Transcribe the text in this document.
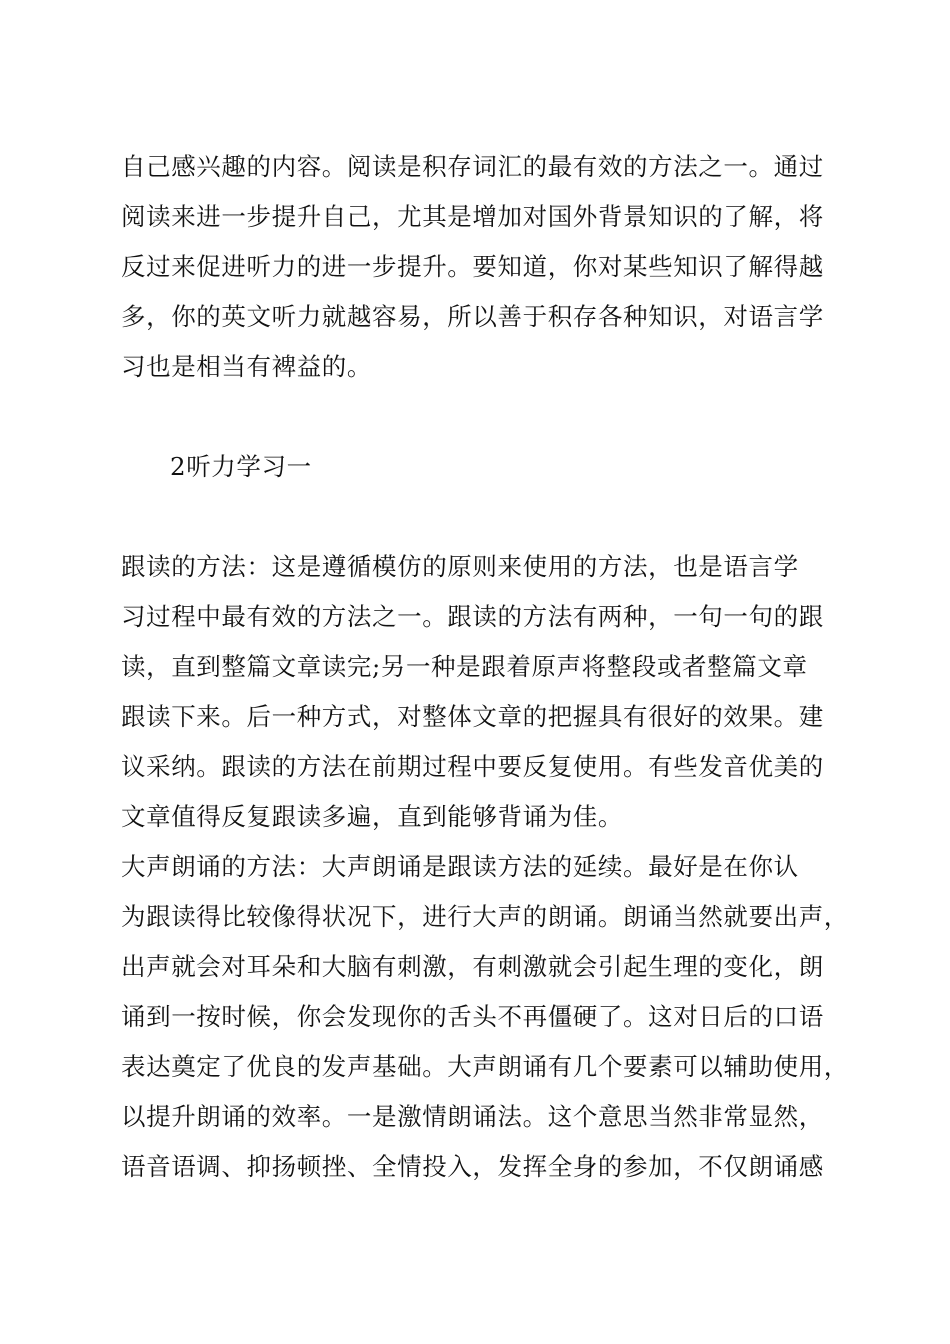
自己感兴趣的内容。阅读是积存词汇的最有效的方法之一。通过
阅读来进一步提升自己，尤其是增加对国外背景知识的了解，将
反过来促进听力的进一步提升。要知道，你对某些知识了解得越
多，你的英文听力就越容易，所以善于积存各种知识，对语言学
习也是相当有裨益的。
2听力学习一
跟读的方法：这是遵循模仿的原则来使用的方法，也是语言学
习过程中最有效的方法之一。跟读的方法有两种，一句一句的跟
读，直到整篇文章读完;另一种是跟着原声将整段或者整篇文章
跟读下来。后一种方式，对整体文章的把握具有很好的效果。建
议采纳。跟读的方法在前期过程中要反复使用。有些发音优美的
文章值得反复跟读多遍，直到能够背诵为佳。
大声朗诵的方法：大声朗诵是跟读方法的延续。最好是在你认
为跟读得比较像得状况下，进行大声的朗诵。朗诵当然就要出声，
出声就会对耳朵和大脑有刺激，有刺激就会引起生理的变化，朗
诵到一按时候，你会发现你的舌头不再僵硬了。这对日后的口语
表达奠定了优良的发声基础。大声朗诵有几个要素可以辅助使用，
以提升朗诵的效率。一是激情朗诵法。这个意思当然非常显然，
语音语调、抑扬顿挫、全情投入，发挥全身的参加，不仅朗诵感
